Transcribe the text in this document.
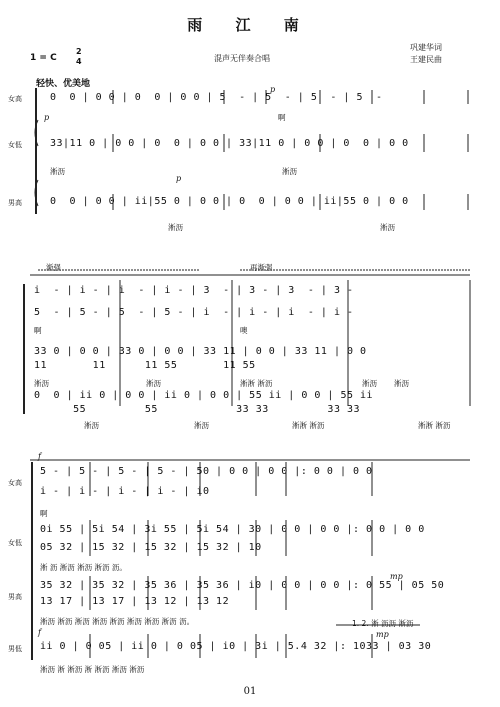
雨 江 南
1 = C
2
4	混声无伴奏合唱
巩建华词
王建民曲
轻快、优美地
女高
女低
男高
p
p
p
0  0 | 0 0 | 0  0 | 0 0 | 5  - | 5  - | 5  - | 5  -
33|11 0 | 0 0 | 0  0 | 0 0 | 33|11 0 | 0 0 | 0  0 | 0 0
0  0 | 0 0 | ii|55 0 | 0 0 | 0  0 | 0 0 | ii|55 0 | 0 0
啊
淅沥	淅沥
淅沥	淅沥
渐强	再渐强
i  - | i - | i  - | i - | 3  - | 3 - | 3  - | 3 -
5  - | 5 - | 5  - | 5 - | i  - | i - | i  - | i -
啊	噢
33 0 | 0 0 | 33 0 | 0 0 | 33 11 | 0 0 | 33 11 | 0 0
11       11      11 55       11 55
淅沥	淅沥	淅淅 淅沥	淅沥 淅沥
0  0 | ii 0 | 0 0 | ii 0 | 0 0 | 55 ii | 0 0 | 55 ii
55         55            33 33         33 33
淅沥	淅沥	淅淅 淅沥	淅淅 淅沥
f
女高
女低
男高
男低
5 - | 5 - | 5 - | 5 - | 50 | 0 0 | 0 0 |: 0 0 | 0 0
i - | i - | i - | i - | i0
啊
0i 55 | 5i 54 | 3i 55 | 5i 54 | 30 | 0 0 | 0 0 |: 0 0 | 0 0
05 32 | 15 32 | 15 32 | 15 32 | 10
淅 沥 淅沥 淅沥 淅沥 沥。
35 32 | 35 32 | 35 36 | 35 36 | i0 | 0 0 | 0 0 |: 0 55 | 05 50
13 17 | 13 17 | 13 12 | 13 12
淅沥 淅沥 淅沥 淅沥 淅沥 淅沥 淅沥 淅沥 沥。	1. 2. 淅 沥沥 淅沥
mp
f
ii 0 | 0 05 | ii 0 | 0 05 | i0 | 3i | 5.4 32 |: 1033 | 03 30
淅沥 淅 淅沥 淅 淅沥 淅沥 淅沥
mp
01
